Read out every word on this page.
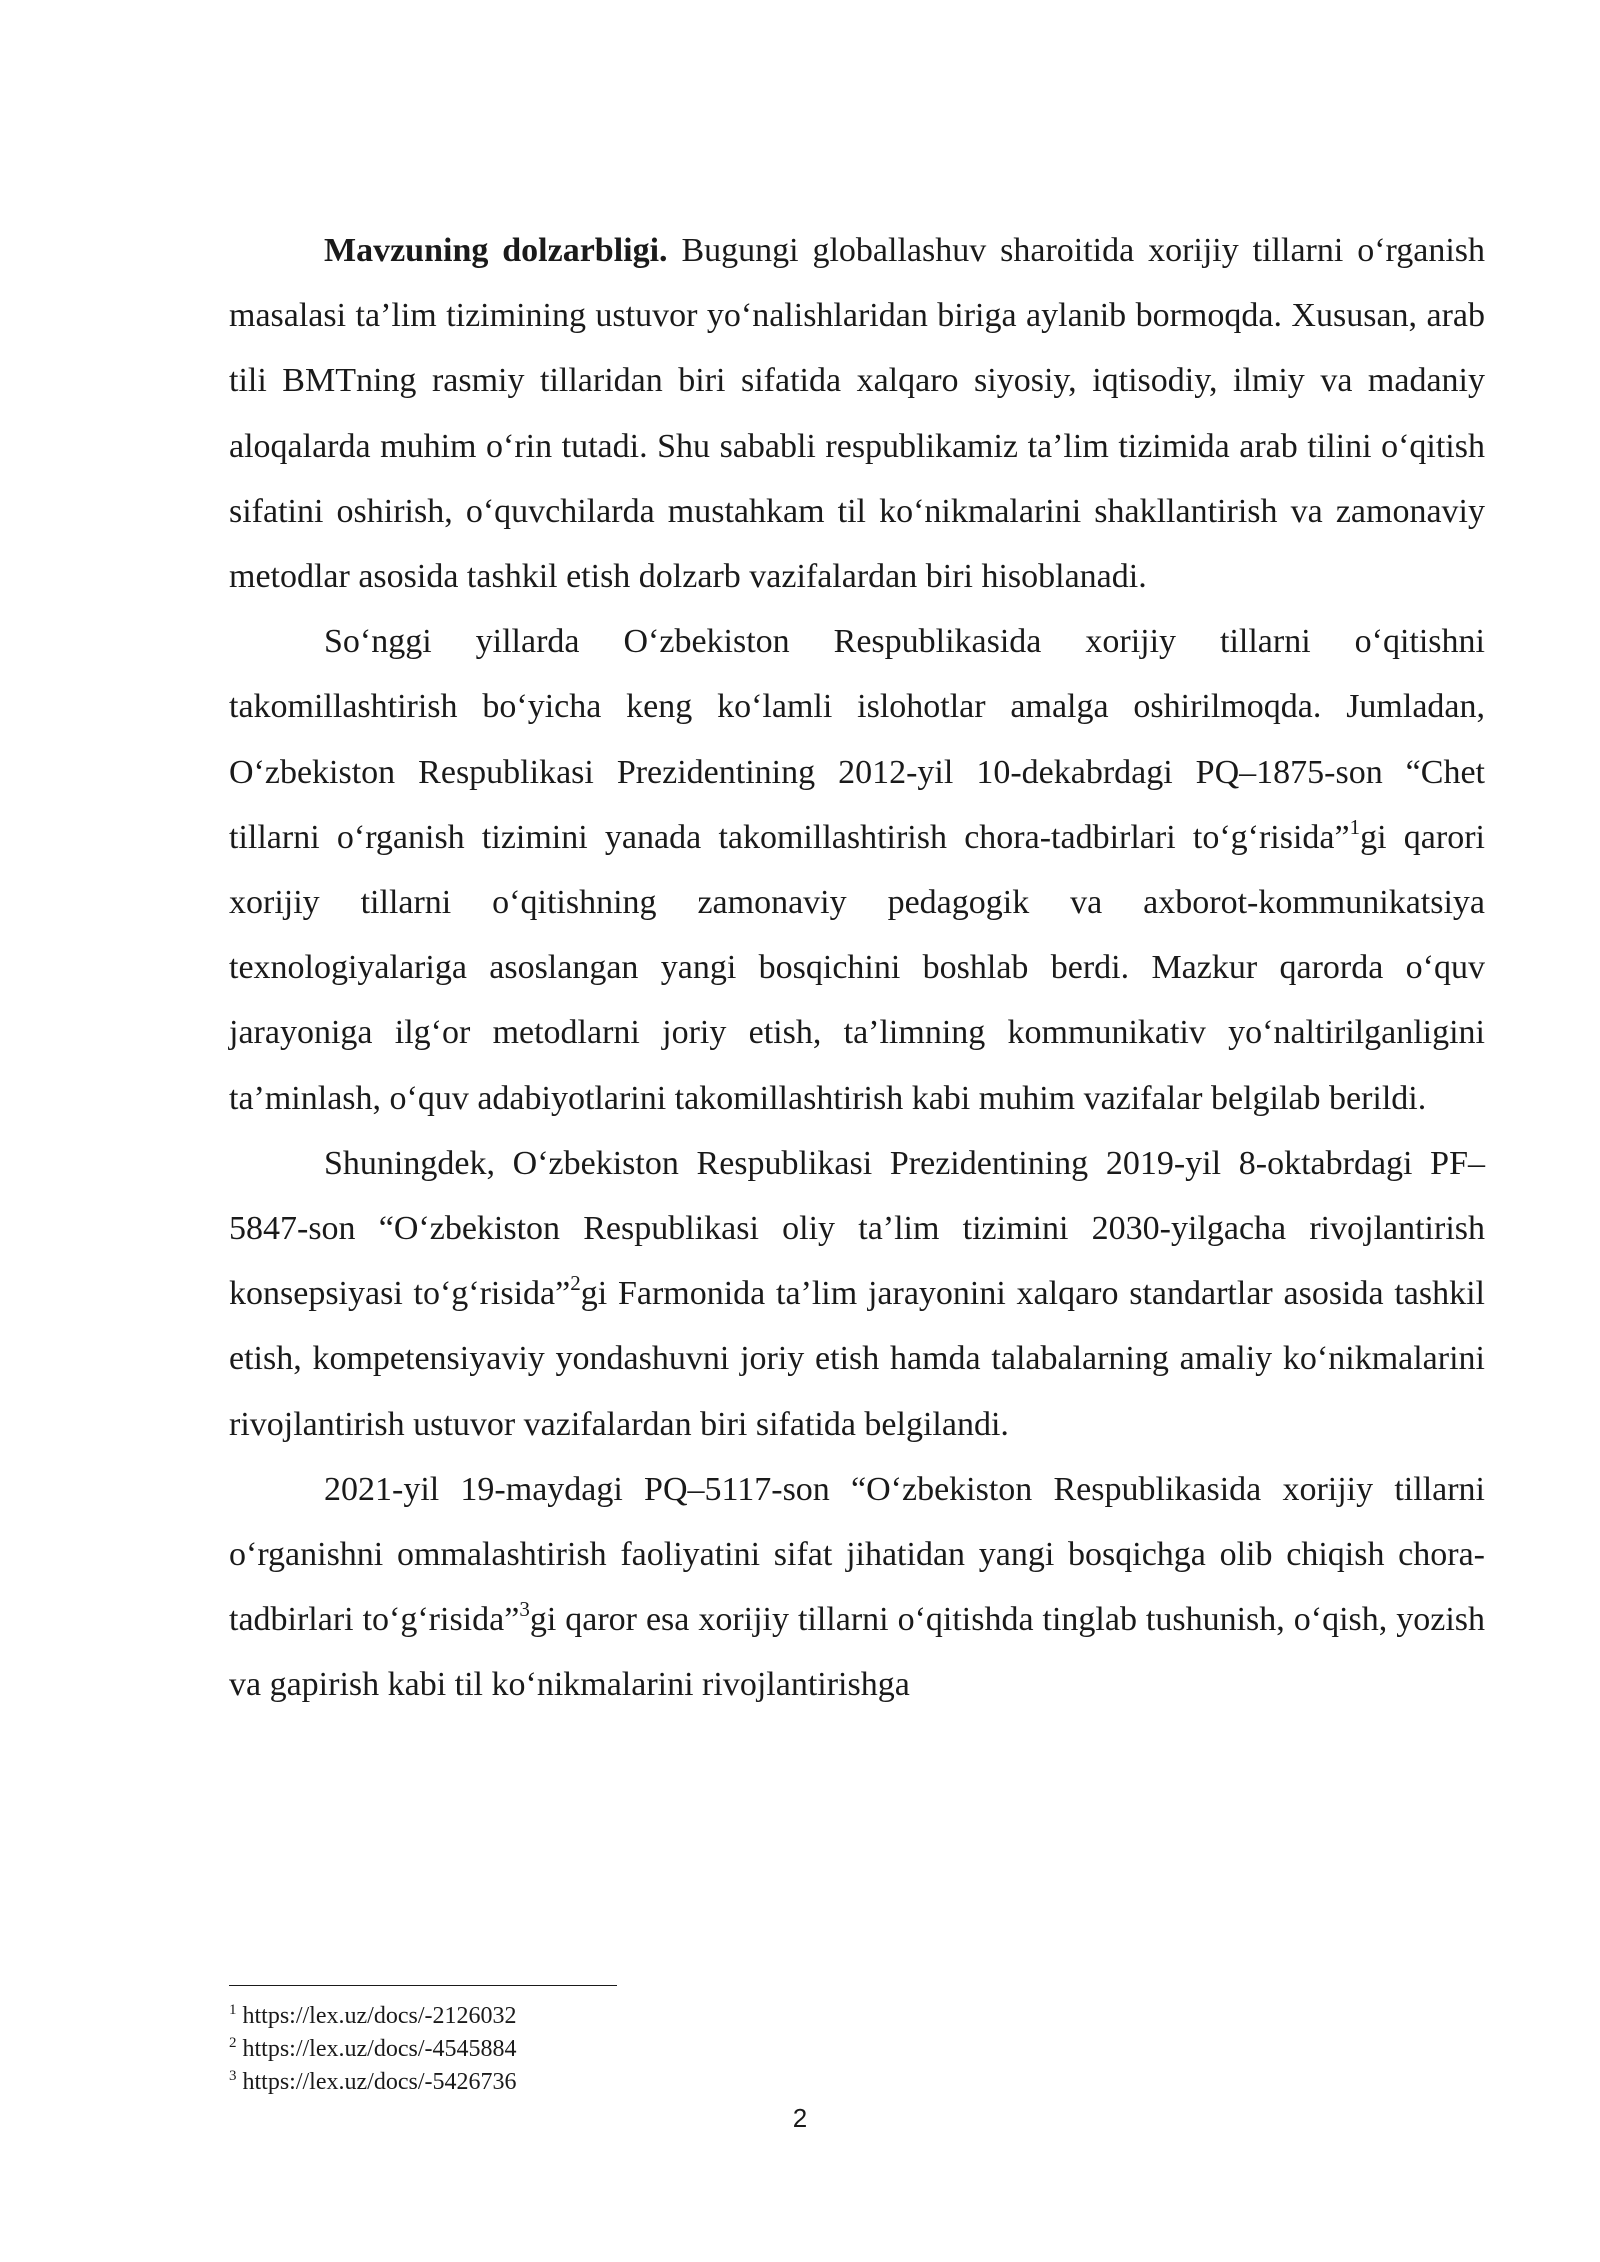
Mavzuning dolzarbligi. Bugungi globallashuv sharoitida xorijiy tillarni o‘rganish masalasi ta’lim tizimining ustuvor yo‘nalishlaridan biriga aylanib bormoqda. Xususan, arab tili BMTning rasmiy tillaridan biri sifatida xalqaro siyosiy, iqtisodiy, ilmiy va madaniy aloqalarda muhim o‘rin tutadi. Shu sababli respublikamiz ta’lim tizimida arab tilini o‘qitish sifatini oshirish, o‘quvchilarda mustahkam til ko‘nikmalarini shakllantirish va zamonaviy metodlar asosida tashkil etish dolzarb vazifalardan biri hisoblanadi.

So‘nggi yillarda O‘zbekiston Respublikasida xorijiy tillarni o‘qitishni takomillashtirish bo‘yicha keng ko‘lamli islohotlar amalga oshirilmoqda. Jumladan, O‘zbekiston Respublikasi Prezidentining 2012-yil 10-dekabrdagi PQ–1875-son “Chet tillarni o‘rganish tizimini yanada takomillashtirish chora-tadbirlari to‘g‘risida”$^1$gi qarori xorijiy tillarni o‘qitishning zamonaviy pedagogik va axborot-kommunikatsiya texnologiyalariga asoslangan yangi bosqichini boshlab berdi. Mazkur qarorda o‘quv jarayoniga ilg‘or metodlarni joriy etish, ta’limning kommunikativ yo‘naltirilganligini ta’minlash, o‘quv adabiyotlarini takomillashtirish kabi muhim vazifalar belgilab berildi.

Shuningdek, O‘zbekiston Respublikasi Prezidentining 2019-yil 8-oktabrdagi PF–5847-son “O‘zbekiston Respublikasi oliy ta’lim tizimini 2030-yilgacha rivojlantirish konsepsiyasi to‘g‘risida”$^2$gi Farmonida ta’lim jarayonini xalqaro standartlar asosida tashkil etish, kompetensiyaviy yondashuvni joriy etish hamda talabalarning amaliy ko‘nikmalarini rivojlantirish ustuvor vazifalardan biri sifatida belgilandi.

2021-yil 19-maydagi PQ–5117-son “O‘zbekiston Respublikasida xorijiy tillarni o‘rganishni ommalashtirish faoliyatini sifat jihatidan yangi bosqichga olib chiqish chora-tadbirlari to‘g‘risida”$^3$gi qaror esa xorijiy tillarni o‘qitishda tinglab tushunish, o‘qish, yozish va gapirish kabi til ko‘nikmalarini rivojlantirishga

$^1$ https://lex.uz/docs/-2126032
$^2$ https://lex.uz/docs/-4545884
$^3$ https://lex.uz/docs/-5426736
2
